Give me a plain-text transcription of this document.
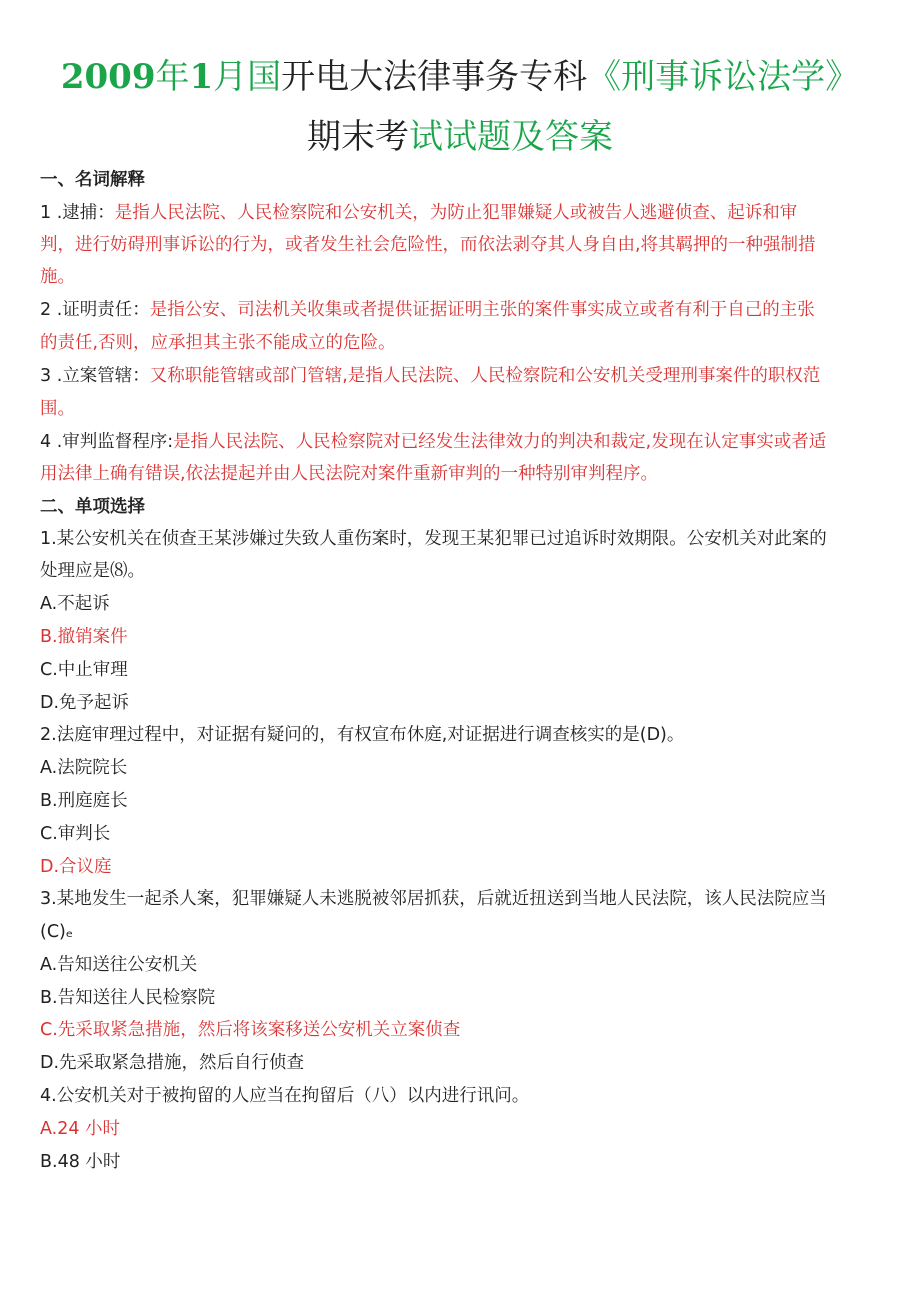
2009年1月国开电大法律事务专科《刑事诉讼法学》
期末考试试题及答案
一、名词解释
1 .逮捕：是指人民法院、人民检察院和公安机关，为防止犯罪嫌疑人或被告人逃避侦查、起诉和审
判，进行妨碍刑事诉讼的行为，或者发生社会危险性，而依法剥夺其人身自由,将其羁押的一种强制措
施。
2 .证明责任：是指公安、司法机关收集或者提供证据证明主张的案件事实成立或者有利于自己的主张
的责任,否则，应承担其主张不能成立的危险。
3 .立案管辖：又称职能管辖或部门管辖,是指人民法院、人民检察院和公安机关受理刑事案件的职权范
围。
4 .审判监督程序:是指人民法院、人民检察院对已经发生法律效力的判决和裁定,发现在认定事实或者适
用法律上确有错误,依法提起并由人民法院对案件重新审判的一种特别审判程序。
二、单项选择
1.某公安机关在侦查王某涉嫌过失致人重伤案时，发现王某犯罪已过追诉时效期限。公安机关对此案的
处理应是⑻。
A.不起诉
B.撤销案件
C.中止审理
D.免予起诉
2.法庭审理过程中，对证据有疑问的，有权宣布休庭,对证据进行调查核实的是(D)。
A.法院院长
B.刑庭庭长
C.审判长
D.合议庭
3.某地发生一起杀人案，犯罪嫌疑人未逃脱被邻居抓获，后就近扭送到当地人民法院，该人民法院应当
(C)ₑ
A.告知送往公安机关
B.告知送往人民检察院
C.先采取紧急措施，然后将该案移送公安机关立案侦查
D.先采取紧急措施，然后自行侦查
4.公安机关对于被拘留的人应当在拘留后（八）以内进行讯问。
A.24 小时
B.48 小时
